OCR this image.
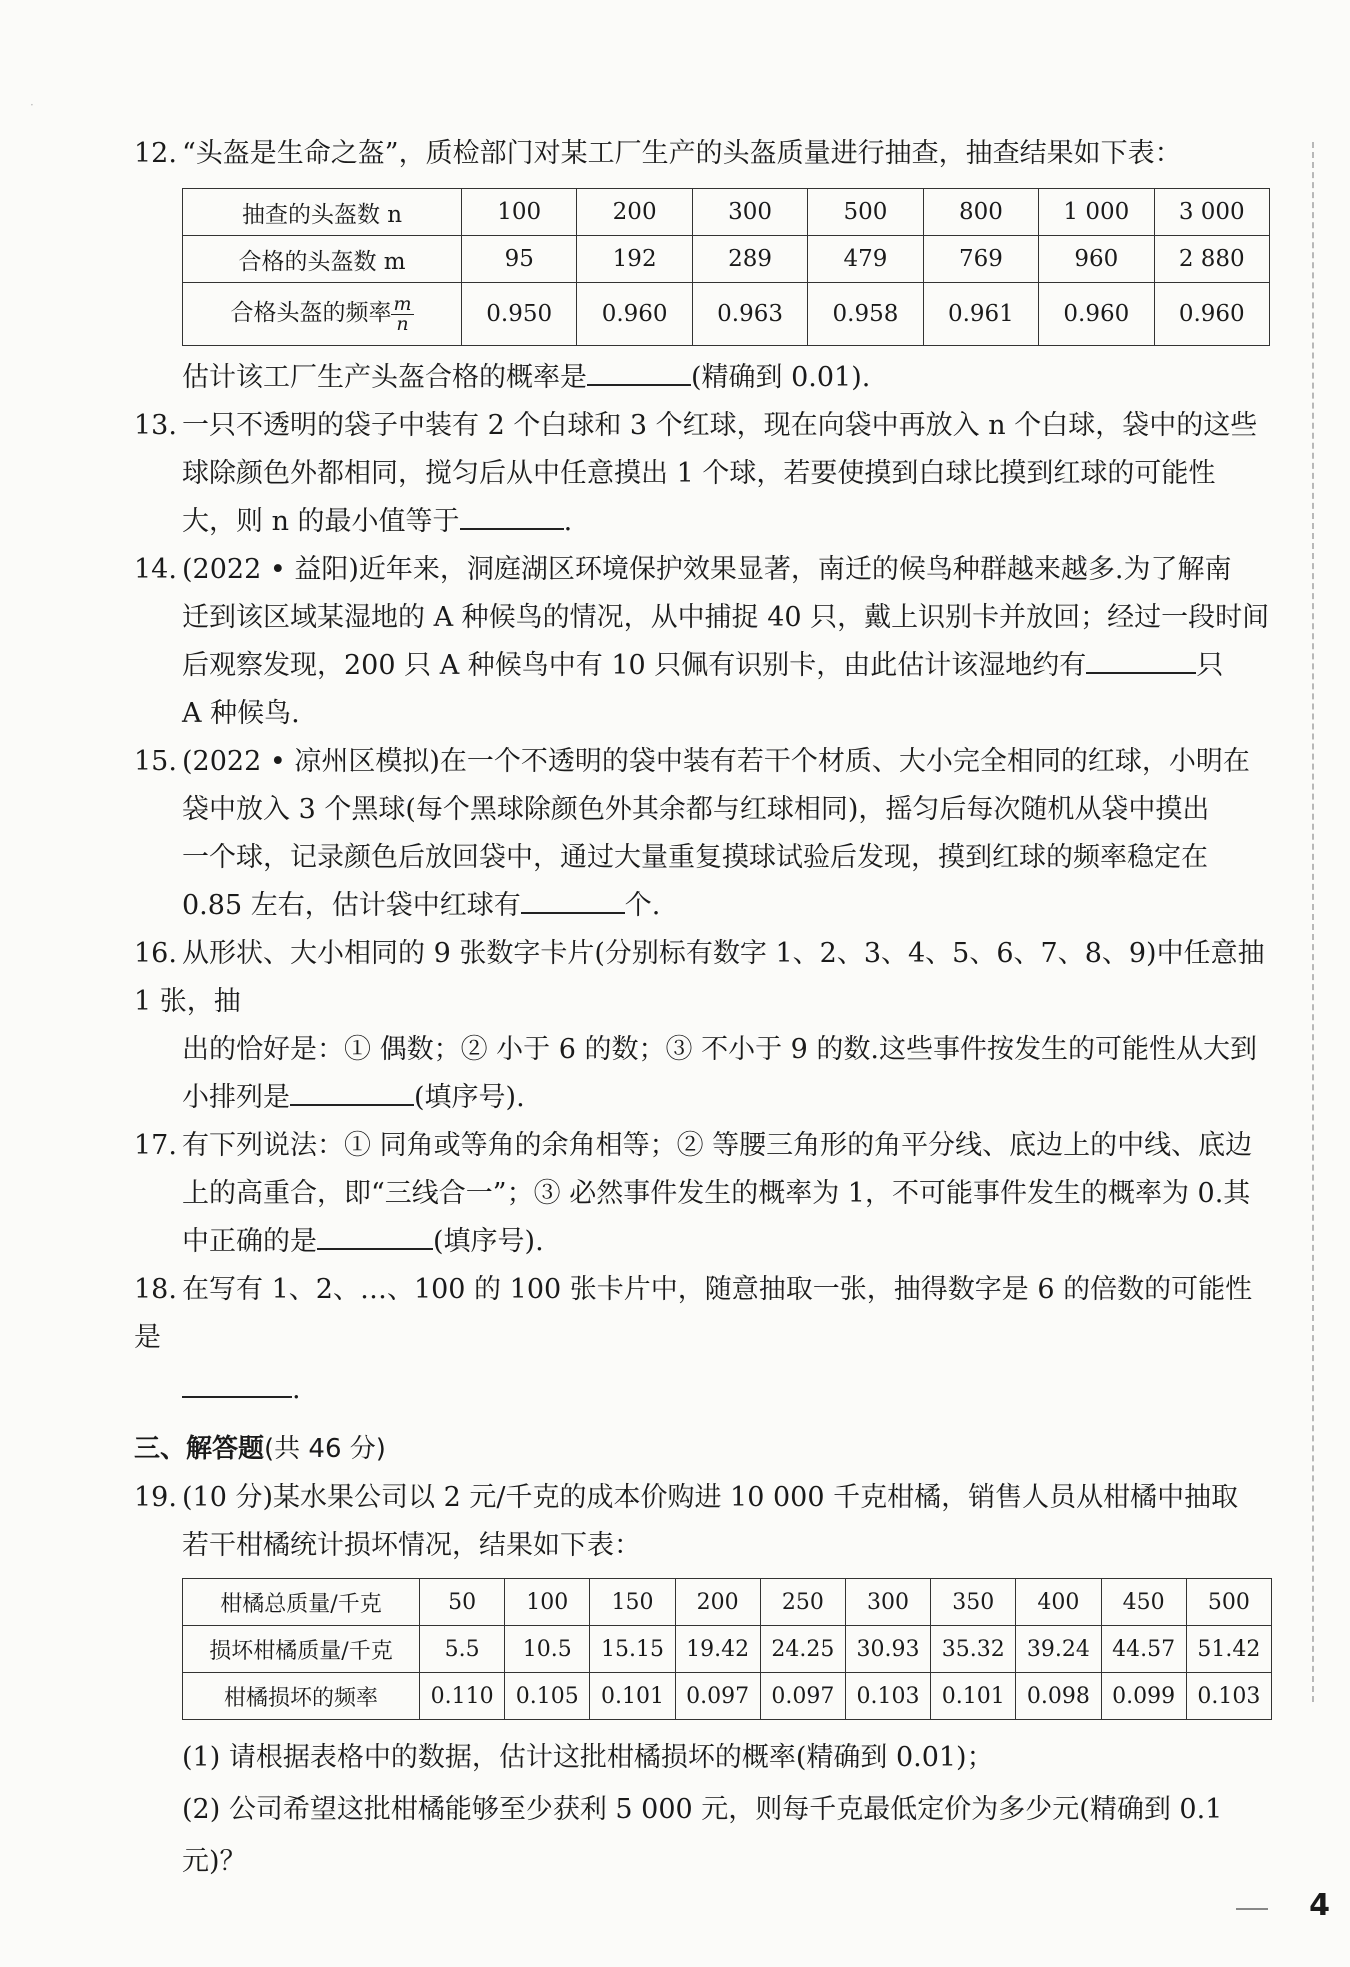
·
12. “头盔是生命之盔”，质检部门对某工厂生产的头盔质量进行抽查，抽查结果如下表：
抽查的头盔数 n	100	200	300	500	800	1 000	3 000
合格的头盔数 m	95	192	289	479	769	960	2 880
合格头盔的频率 $\frac{m}{n}$	0.950	0.960	0.963	0.958	0.961	0.960	0.960
估计该工厂生产头盔合格的概率是	(精确到 0.01).
13. 一只不透明的袋子中装有 2 个白球和 3 个红球，现在向袋中再放入 n 个白球，袋中的这些
球除颜色外都相同，搅匀后从中任意摸出 1 个球，若要使摸到白球比摸到红球的可能性
大，则 n 的最小值等于	.
14. (2022 • 益阳)近年来，洞庭湖区环境保护效果显著，南迁的候鸟种群越来越多.为了解南
迁到该区域某湿地的 A 种候鸟的情况，从中捕捉 40 只，戴上识别卡并放回；经过一段时间
后观察发现，200 只 A 种候鸟中有 10 只佩有识别卡，由此估计该湿地约有	只
A 种候鸟.
15. (2022 • 凉州区模拟)在一个不透明的袋中装有若干个材质、大小完全相同的红球，小明在
袋中放入 3 个黑球(每个黑球除颜色外其余都与红球相同)，摇匀后每次随机从袋中摸出
一个球，记录颜色后放回袋中，通过大量重复摸球试验后发现，摸到红球的频率稳定在
0.85 左右，估计袋中红球有	个.
16. 从形状、大小相同的 9 张数字卡片(分别标有数字 1、2、3、4、5、6、7、8、9)中任意抽 1 张，抽
出的恰好是：① 偶数；② 小于 6 的数；③ 不小于 9 的数.这些事件按发生的可能性从大到
小排列是	(填序号).
17. 有下列说法：① 同角或等角的余角相等；② 等腰三角形的角平分线、底边上的中线、底边
上的高重合，即“三线合一”；③ 必然事件发生的概率为 1，不可能事件发生的概率为 0.其
中正确的是	(填序号).
18. 在写有 1、2、…、100 的 100 张卡片中，随意抽取一张，抽得数字是 6 的倍数的可能性是
.
三、解答题(共 46 分)
19. (10 分)某水果公司以 2 元/千克的成本价购进 10 000 千克柑橘，销售人员从柑橘中抽取
若干柑橘统计损坏情况，结果如下表：
柑橘总质量/千克	50	100	150	200	250	300	350	400	450	500
损坏柑橘质量/千克	5.5	10.5	15.15	19.42	24.25	30.93	35.32	39.24	44.57	51.42
柑橘损坏的频率	0.110	0.105	0.101	0.097	0.097	0.103	0.101	0.098	0.099	0.103
(1) 请根据表格中的数据，估计这批柑橘损坏的概率(精确到 0.01)；
(2) 公司希望这批柑橘能够至少获利 5 000 元，则每千克最低定价为多少元(精确到 0.1 元)？
4
